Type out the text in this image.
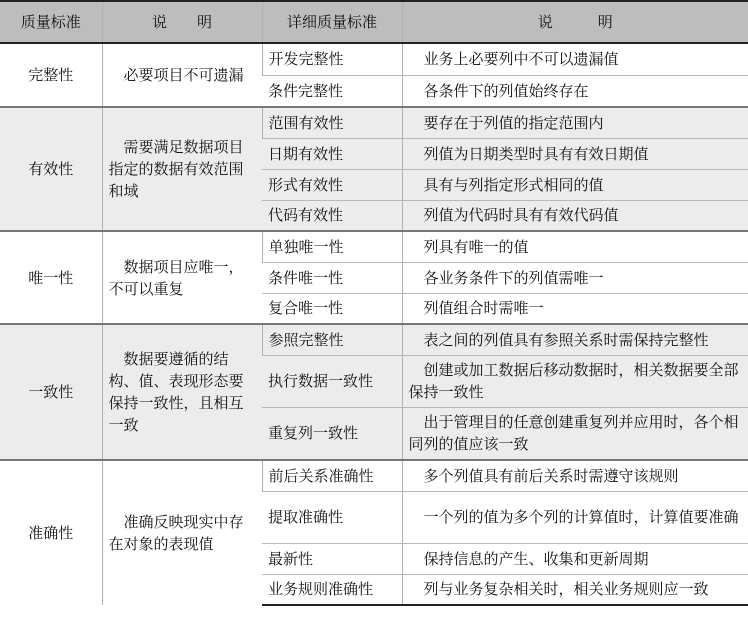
质量标准	说　　明	详细质量标准	说　　　明
完整性	必要项目不可遗漏	开发完整性	业务上必要列中不可以遗漏值
		条件完整性	各条件下的列值始终存在
有效性	需要满足数据项目指定的数据有效范围和域	范围有效性	要存在于列值的指定范围内
		日期有效性	列值为日期类型时具有有效日期值
		形式有效性	具有与列指定形式相同的值
		代码有效性	列值为代码时具有有效代码值
唯一性	数据项目应唯一，不可以重复	单独唯一性	列具有唯一的值
		条件唯一性	各业务条件下的列值需唯一
		复合唯一性	列值组合时需唯一
一致性	数据要遵循的结构、值、表现形态要保持一致性，且相互一致	参照完整性	表之间的列值具有参照关系时需保持完整性
		执行数据一致性	创建或加工数据后移动数据时，相关数据要全部保持一致性
		重复列一致性	出于管理目的任意创建重复列并应用时，各个相同列的值应该一致
准确性	准确反映现实中存在对象的表现值	前后关系准确性	多个列值具有前后关系时需遵守该规则
		提取准确性	一个列的值为多个列的计算值时，计算值要准确
		最新性	保持信息的产生、收集和更新周期
		业务规则准确性	列与业务复杂相关时，相关业务规则应一致
